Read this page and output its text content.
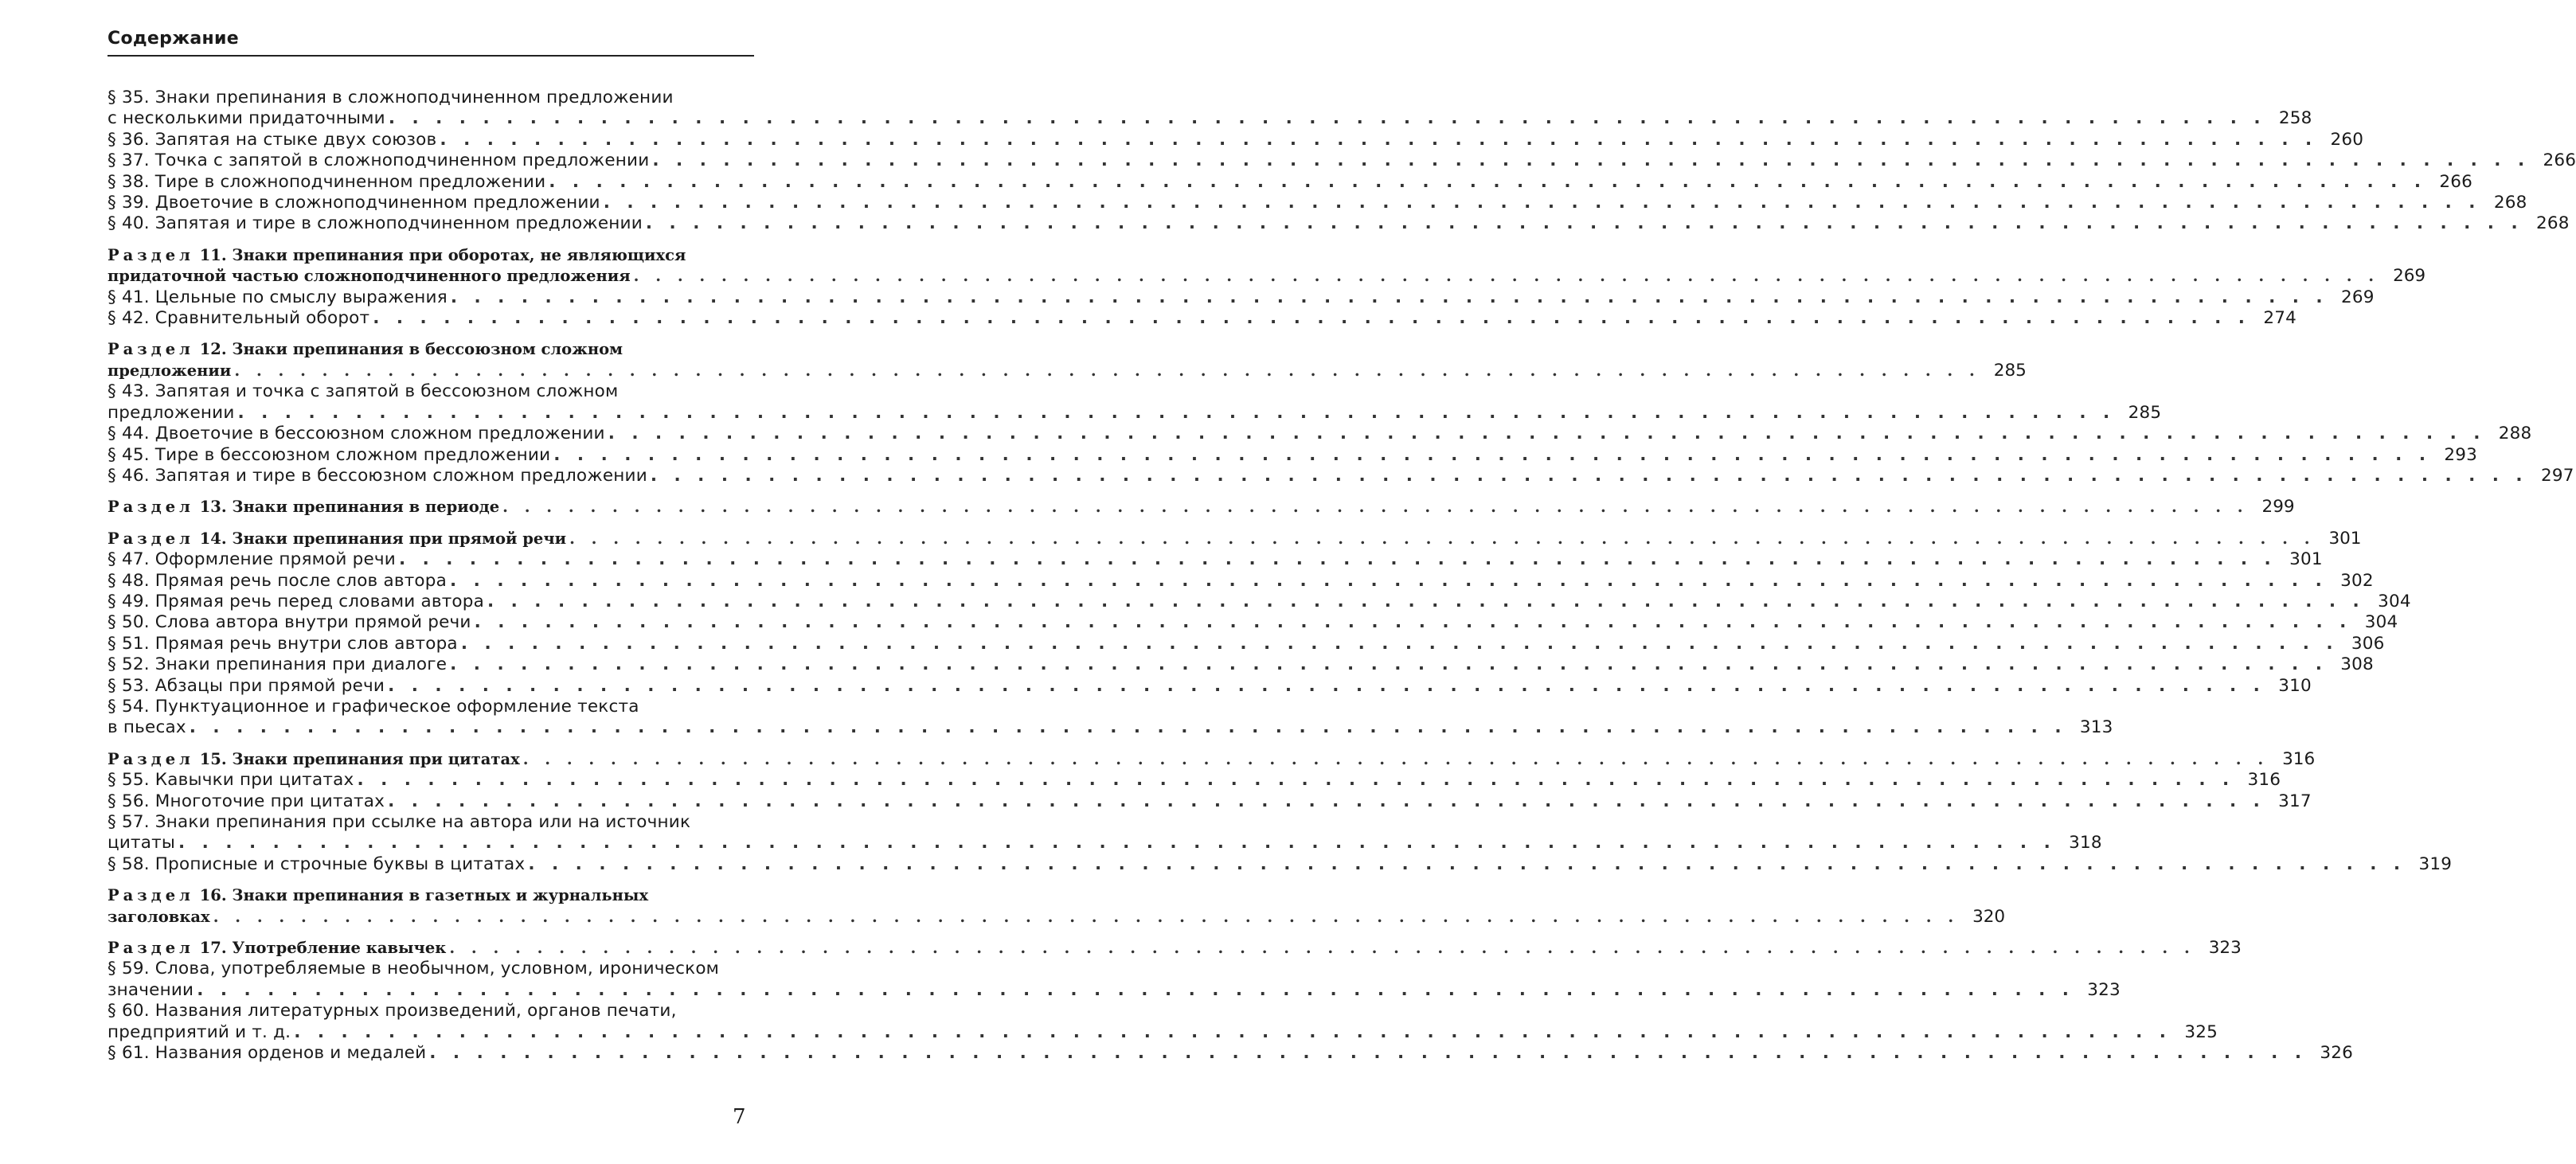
Содержание
§ 35. Знаки препинания в сложноподчиненном предложении
с несколькими придаточными . . . . . . . . . . . . . . . . . . . . . . . . . . . . . . . . . . . . . . . . . . . . . . . . . . . . . . . . . . . . . . . . . . . . . . . . . . . . . . . . 258
§ 36. Запятая на стыке двух союзов . . . . . . . . . . . . . . . . . . . . . . . . . . . . . . . . . . . . . . . . . . . . . . . . . . . . . . . . . . . . . . . . . . . . . . . . . . . . . . . . 260
§ 37. Точка с запятой в сложноподчиненном предложении . . . . . . . . . . . . . . . . . . . . . . . . . . . . . . . . . . . . . . . . . . . . . . . . . . . . . . . . . . . . . . . . . . . . . . . . . . . . . . . . 266
§ 38. Тире в сложноподчиненном предложении . . . . . . . . . . . . . . . . . . . . . . . . . . . . . . . . . . . . . . . . . . . . . . . . . . . . . . . . . . . . . . . . . . . . . . . . . . . . . . . . 266
§ 39. Двоеточие в сложноподчиненном предложении . . . . . . . . . . . . . . . . . . . . . . . . . . . . . . . . . . . . . . . . . . . . . . . . . . . . . . . . . . . . . . . . . . . . . . . . . . . . . . . . 268
§ 40. Запятая и тире в сложноподчиненном предложении . . . . . . . . . . . . . . . . . . . . . . . . . . . . . . . . . . . . . . . . . . . . . . . . . . . . . . . . . . . . . . . . . . . . . . . . . . . . . . . . 268
Раздел 11. Знаки препинания при оборотах, не являющихся
придаточной частью сложноподчиненного предложения . . . . . . . . . . . . . . . . . . . . . . . . . . . . . . . . . . . . . . . . . . . . . . . . . . . . . . . . . . . . . . . . . . . . . . . . . . . . . . . . 269
§ 41. Цельные по смыслу выражения . . . . . . . . . . . . . . . . . . . . . . . . . . . . . . . . . . . . . . . . . . . . . . . . . . . . . . . . . . . . . . . . . . . . . . . . . . . . . . . . 269
§ 42. Сравнительный оборот . . . . . . . . . . . . . . . . . . . . . . . . . . . . . . . . . . . . . . . . . . . . . . . . . . . . . . . . . . . . . . . . . . . . . . . . . . . . . . . . 274
Раздел 12. Знаки препинания в бессоюзном сложном
предложении . . . . . . . . . . . . . . . . . . . . . . . . . . . . . . . . . . . . . . . . . . . . . . . . . . . . . . . . . . . . . . . . . . . . . . . . . . . . . . . . 285
§ 43. Запятая и точка с запятой в бессоюзном сложном
предложении . . . . . . . . . . . . . . . . . . . . . . . . . . . . . . . . . . . . . . . . . . . . . . . . . . . . . . . . . . . . . . . . . . . . . . . . . . . . . . . . 285
§ 44. Двоеточие в бессоюзном сложном предложении . . . . . . . . . . . . . . . . . . . . . . . . . . . . . . . . . . . . . . . . . . . . . . . . . . . . . . . . . . . . . . . . . . . . . . . . . . . . . . . . 288
§ 45. Тире в бессоюзном сложном предложении . . . . . . . . . . . . . . . . . . . . . . . . . . . . . . . . . . . . . . . . . . . . . . . . . . . . . . . . . . . . . . . . . . . . . . . . . . . . . . . . 293
§ 46. Запятая и тире в бессоюзном сложном предложении . . . . . . . . . . . . . . . . . . . . . . . . . . . . . . . . . . . . . . . . . . . . . . . . . . . . . . . . . . . . . . . . . . . . . . . . . . . . . . . . 297
Раздел 13. Знаки препинания в периоде . . . . . . . . . . . . . . . . . . . . . . . . . . . . . . . . . . . . . . . . . . . . . . . . . . . . . . . . . . . . . . . . . . . . . . . . . . . . . . . . 299
Раздел 14. Знаки препинания при прямой речи . . . . . . . . . . . . . . . . . . . . . . . . . . . . . . . . . . . . . . . . . . . . . . . . . . . . . . . . . . . . . . . . . . . . . . . . . . . . . . . . 301
§ 47. Оформление прямой речи . . . . . . . . . . . . . . . . . . . . . . . . . . . . . . . . . . . . . . . . . . . . . . . . . . . . . . . . . . . . . . . . . . . . . . . . . . . . . . . . 301
§ 48. Прямая речь после слов автора . . . . . . . . . . . . . . . . . . . . . . . . . . . . . . . . . . . . . . . . . . . . . . . . . . . . . . . . . . . . . . . . . . . . . . . . . . . . . . . . 302
§ 49. Прямая речь перед словами автора . . . . . . . . . . . . . . . . . . . . . . . . . . . . . . . . . . . . . . . . . . . . . . . . . . . . . . . . . . . . . . . . . . . . . . . . . . . . . . . . 304
§ 50. Слова автора внутри прямой речи . . . . . . . . . . . . . . . . . . . . . . . . . . . . . . . . . . . . . . . . . . . . . . . . . . . . . . . . . . . . . . . . . . . . . . . . . . . . . . . . 304
§ 51. Прямая речь внутри слов автора . . . . . . . . . . . . . . . . . . . . . . . . . . . . . . . . . . . . . . . . . . . . . . . . . . . . . . . . . . . . . . . . . . . . . . . . . . . . . . . . 306
§ 52. Знаки препинания при диалоге . . . . . . . . . . . . . . . . . . . . . . . . . . . . . . . . . . . . . . . . . . . . . . . . . . . . . . . . . . . . . . . . . . . . . . . . . . . . . . . . 308
§ 53. Абзацы при прямой речи . . . . . . . . . . . . . . . . . . . . . . . . . . . . . . . . . . . . . . . . . . . . . . . . . . . . . . . . . . . . . . . . . . . . . . . . . . . . . . . . 310
§ 54. Пунктуационное и графическое оформление текста
в пьесах . . . . . . . . . . . . . . . . . . . . . . . . . . . . . . . . . . . . . . . . . . . . . . . . . . . . . . . . . . . . . . . . . . . . . . . . . . . . . . . . 313
Раздел 15. Знаки препинания при цитатах . . . . . . . . . . . . . . . . . . . . . . . . . . . . . . . . . . . . . . . . . . . . . . . . . . . . . . . . . . . . . . . . . . . . . . . . . . . . . . . . 316
§ 55. Кавычки при цитатах . . . . . . . . . . . . . . . . . . . . . . . . . . . . . . . . . . . . . . . . . . . . . . . . . . . . . . . . . . . . . . . . . . . . . . . . . . . . . . . . 316
§ 56. Многоточие при цитатах . . . . . . . . . . . . . . . . . . . . . . . . . . . . . . . . . . . . . . . . . . . . . . . . . . . . . . . . . . . . . . . . . . . . . . . . . . . . . . . . 317
§ 57. Знаки препинания при ссылке на автора или на источник
цитаты . . . . . . . . . . . . . . . . . . . . . . . . . . . . . . . . . . . . . . . . . . . . . . . . . . . . . . . . . . . . . . . . . . . . . . . . . . . . . . . . 318
§ 58. Прописные и строчные буквы в цитатах . . . . . . . . . . . . . . . . . . . . . . . . . . . . . . . . . . . . . . . . . . . . . . . . . . . . . . . . . . . . . . . . . . . . . . . . . . . . . . . . 319
Раздел 16. Знаки препинания в газетных и журнальных
заголовках . . . . . . . . . . . . . . . . . . . . . . . . . . . . . . . . . . . . . . . . . . . . . . . . . . . . . . . . . . . . . . . . . . . . . . . . . . . . . . . . 320
Раздел 17. Употребление кавычек . . . . . . . . . . . . . . . . . . . . . . . . . . . . . . . . . . . . . . . . . . . . . . . . . . . . . . . . . . . . . . . . . . . . . . . . . . . . . . . . 323
§ 59. Слова, употребляемые в необычном, условном, ироническом
значении . . . . . . . . . . . . . . . . . . . . . . . . . . . . . . . . . . . . . . . . . . . . . . . . . . . . . . . . . . . . . . . . . . . . . . . . . . . . . . . . 323
§ 60. Названия литературных произведений, органов печати,
предприятий и т. д. . . . . . . . . . . . . . . . . . . . . . . . . . . . . . . . . . . . . . . . . . . . . . . . . . . . . . . . . . . . . . . . . . . . . . . . . . . . . . . . . 325
§ 61. Названия орденов и медалей . . . . . . . . . . . . . . . . . . . . . . . . . . . . . . . . . . . . . . . . . . . . . . . . . . . . . . . . . . . . . . . . . . . . . . . . . . . . . . . . 326
7
